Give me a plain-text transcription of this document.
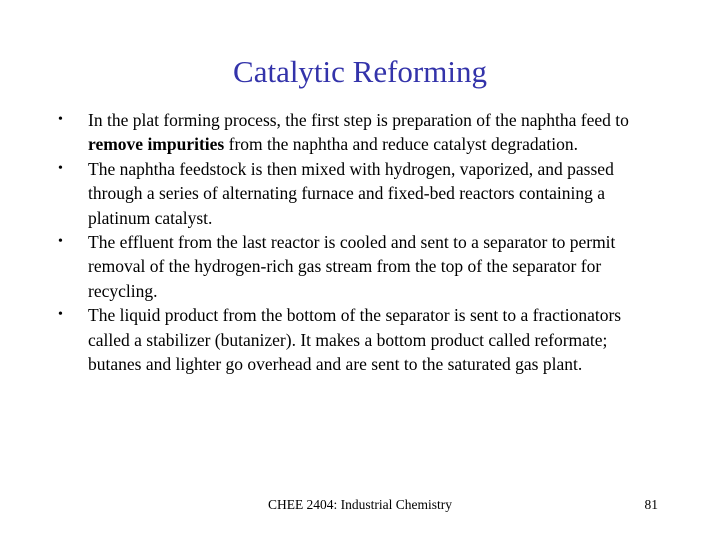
Catalytic Reforming
•	In the plat forming process, the first step is preparation of the naphtha feed to remove impurities from the naphtha and reduce catalyst degradation.
•	The naphtha feedstock is then mixed with hydrogen, vaporized, and passed through a series of alternating furnace and fixed-bed reactors containing a platinum catalyst.
•	The effluent from the last reactor is cooled and sent to a separator to permit removal of the hydrogen-rich gas stream from the top of the separator for recycling.
•	The liquid product from the bottom of the separator is sent to a fractionators called a stabilizer (butanizer). It makes a bottom product called reformate; butanes and lighter go overhead and are sent to the saturated gas plant.
CHEE 2404: Industrial Chemistry	81
